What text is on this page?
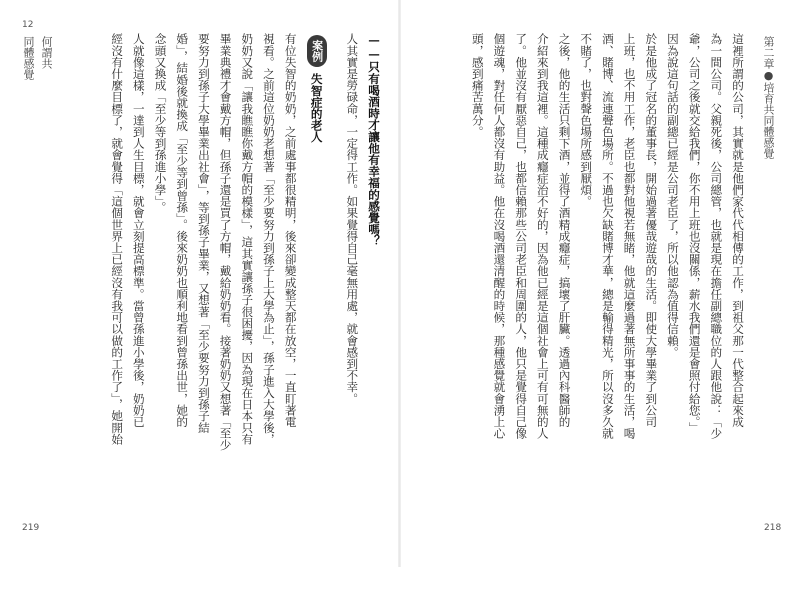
第二章●培育共同體感覺
218
這裡所謂的公司，其實就是他們家代代相傳的工作，到祖父那一代整合起來成
為一間公司。父親死後，公司總管，也就是現在擔任副總職位的人跟他說：「少
爺，公司之後就交給我們，你不用上班也沒關係，薪水我們還是會照付給您。」
因為說這句話的副總已經是公司老臣了，所以他認為值得信賴。
於是他成了冠名的董事長，開始過著優哉遊哉的生活。即使大學畢業了到公司
上班，也不用工作，老臣也都對他視若無睹，他就這麼過著無所事事的生活，喝
酒、賭博、流連聲色場所。不過也欠缺賭博才華，總是輸得精光，所以沒多久就
不賭了，也對聲色場所感到厭煩。
之後，他的生活只剩下酒，並得了酒精成癮症，搞壞了肝臟。透過內科醫師的
介紹來到我這裡。這種成癮症治不好的，因為他已經是這個社會上可有可無的人
了。他並沒有厭惡自己，也都信賴那些公司老臣和周圍的人，他只是覺得自己像
個遊魂，對任何人都沒有助益。他在沒喝酒還清醒的時候，那種感覺就會湧上心
頭，感到痛苦萬分。
12
何謂共
同體感覺
219
——只有喝酒時才讓他有幸福的感覺嗎？
人其實是勞碌命，一定得工作。如果覺得自己毫無用處，就會感到不幸。
案例
失智症的老人
有位失智的奶奶，之前處事都很精明，後來卻變成整天都在放空，一直盯著電
視看。之前這位奶奶老想著「至少要努力到孫子上大學為止」，孫子進入大學後，
奶奶又說「讓我瞧瞧你戴方帽的模樣」，這其實讓孫子很困擾，因為現在日本只有
畢業典禮才會戴方帽，但孫子還是買了方帽，戴給奶奶看。接著奶奶又想著「至少
要努力到孫子大學畢業出社會」，等到孫子畢業，又想著「至少要努力到孫子結
婚」，結婚後就換成「至少等到曾孫」。後來奶奶也順利地看到曾孫出世，她的
念頭又換成「至少等到孫進小學」。
人就像這樣，一達到人生目標，就會立刻提高標準。當曾孫進小學後，奶奶已
經沒有什麼目標了，就會覺得「這個世界上已經沒有我可以做的工作了」，她開始
